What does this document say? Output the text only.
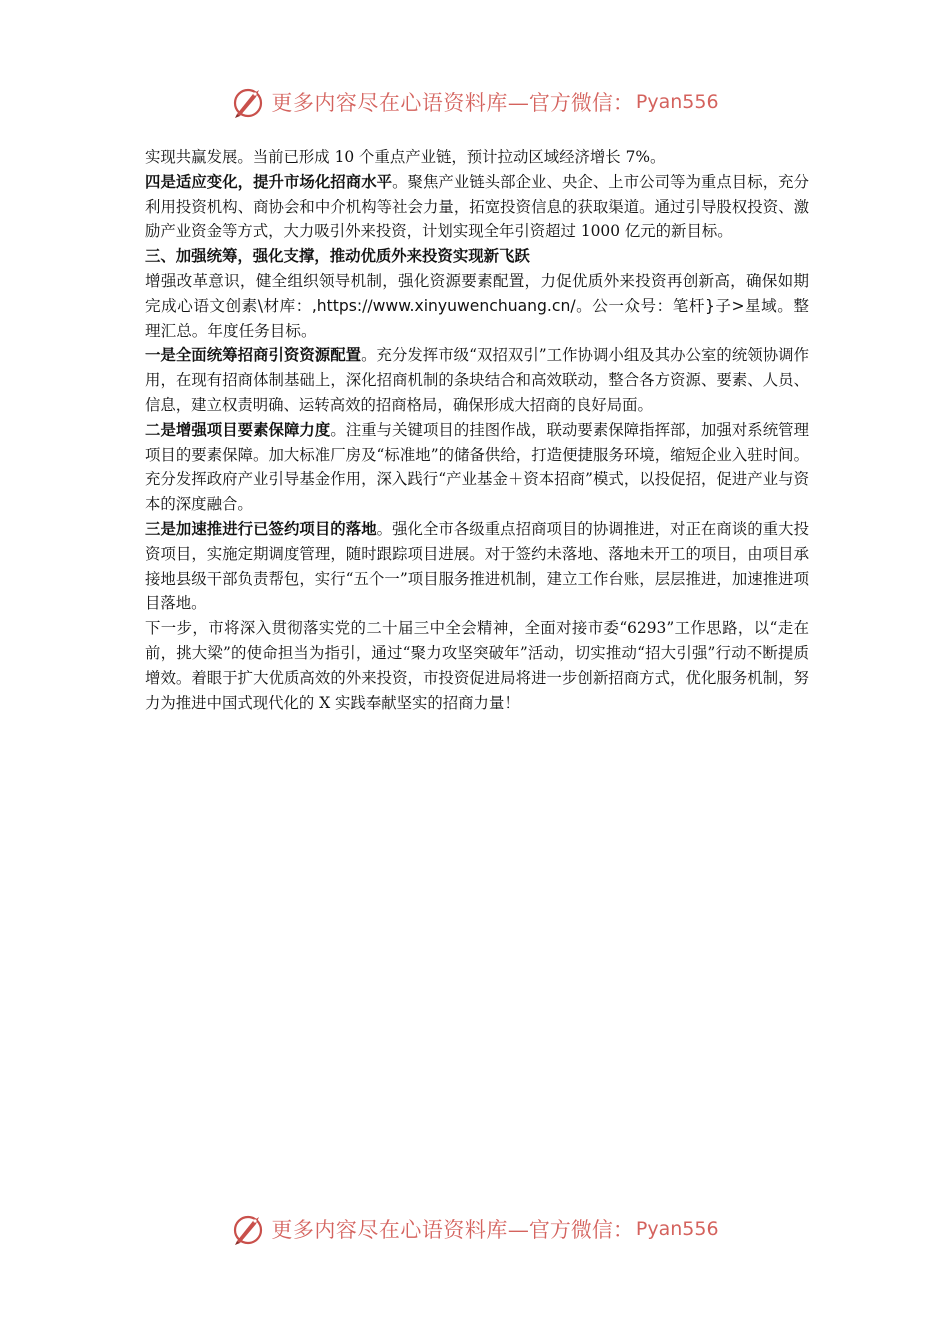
更多内容尽在心语资料库 —官方微信： Pyan556

实现共赢发展。当前已形成 10 个重点产业链，预计拉动区域经济增长 7%。

四是适应变化，提升市场化招商水平。聚焦产业链头部企业、央企、上市公司等为重点目标，充分利用投资机构、商协会和中介机构等社会力量，拓宽投资信息的获取渠道。通过引导股权投资、激励产业资金等方式，大力吸引外来投资，计划实现全年引资超过 1000 亿元的新目标。

三、加强统筹，强化支撑，推动优质外来投资实现新飞跃

增强改革意识，健全组织领导机制，强化资源要素配置，力促优质外来投资再创新高，确保如期完成心语文创素\材库：,https://www.xinyuwenchuang.cn/。公一众号：笔杆}子>星域。整理汇总。年度任务目标。

一是全面统筹招商引资资源配置。充分发挥市级“双招双引”工作协调小组及其办公室的统领协调作用，在现有招商体制基础上，深化招商机制的条块结合和高效联动，整合各方资源、要素、人员、信息，建立权责明确、运转高效的招商格局，确保形成大招商的良好局面。

二是增强项目要素保障力度。注重与关键项目的挂图作战，联动要素保障指挥部，加强对系统管理项目的要素保障。加大标准厂房及“标准地”的储备供给，打造便捷服务环境，缩短企业入驻时间。充分发挥政府产业引导基金作用，深入践行“产业基金＋资本招商”模式，以投促招，促进产业与资本的深度融合。

三是加速推进行已签约项目的落地。强化全市各级重点招商项目的协调推进，对正在商谈的重大投资项目，实施定期调度管理，随时跟踪项目进展。对于签约未落地、落地未开工的项目，由项目承接地县级干部负责帮包，实行“五个一”项目服务推进机制，建立工作台账，层层推进，加速推进项目落地。

下一步，市将深入贯彻落实党的二十届三中全会精神，全面对接市委“6293”工作思路，以“走在前，挑大梁”的使命担当为指引，通过“聚力攻坚突破年”活动，切实推动“招大引强”行动不断提质增效。着眼于扩大优质高效的外来投资，市投资促进局将进一步创新招商方式，优化服务机制，努力为推进中国式现代化的 X 实践奉献坚实的招商力量！

更多内容尽在心语资料库 —官方微信： Pyan556
